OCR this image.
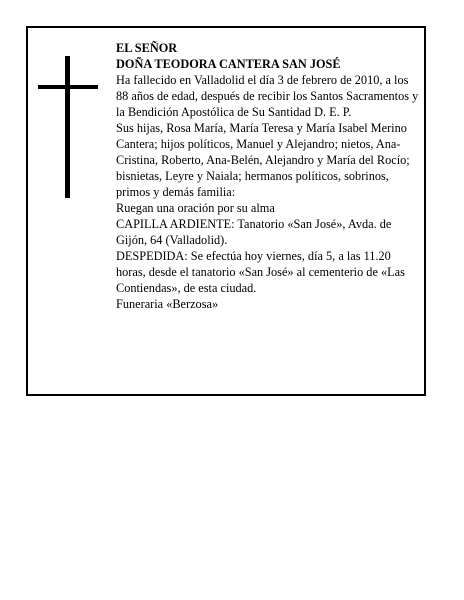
EL SEÑOR

DOÑA TEODORA CANTERA SAN JOSÉ

Ha fallecido en Valladolid el día 3 de febrero de 2010, a los 88 años de edad, después de recibir los Santos Sacramentos y la Bendición Apostólica de Su Santidad D. E. P.

Sus hijas, Rosa María, María Teresa y María Isabel Merino Cantera; hijos políticos, Manuel y Alejandro; nietos, Ana-Cristina, Roberto, Ana-Belén, Alejandro y María del Rocío; bisnietas, Leyre y Naiala; hermanos políticos, sobrinos, primos y demás familia:

Ruegan una oración por su alma

CAPILLA ARDIENTE: Tanatorio «San José», Avda. de Gijón, 64 (Valladolid).

DESPEDIDA: Se efectúa hoy viernes, día 5, a las 11.20 horas, desde el tanatorio «San José» al cementerio de «Las Contiendas», de esta ciudad.

Funeraria «Berzosa»
